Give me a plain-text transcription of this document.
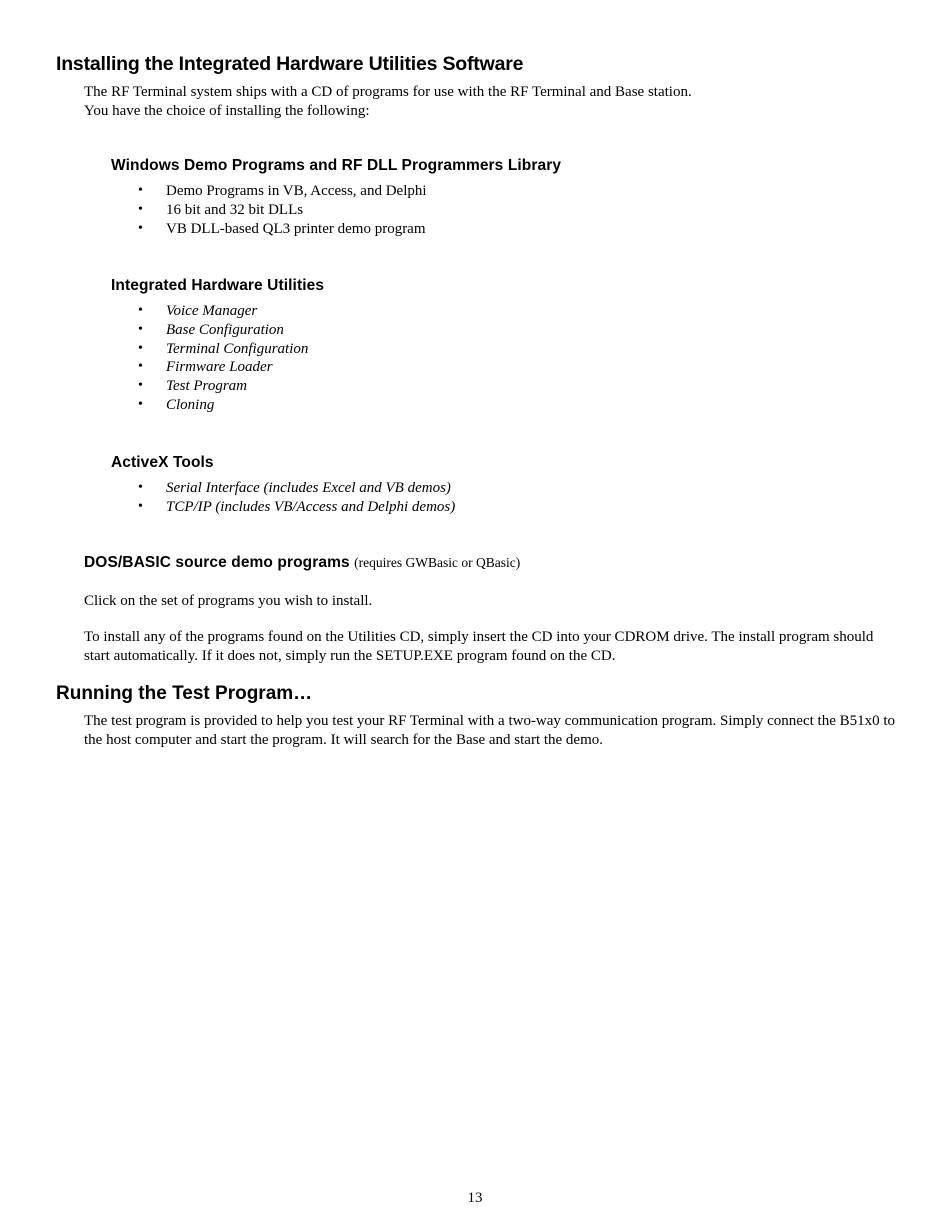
Installing the Integrated Hardware Utilities Software
The RF Terminal system ships with a CD of programs for use with the RF Terminal and Base station.
You have the choice of installing the following:
Windows Demo Programs and RF DLL Programmers Library
• Demo Programs in VB, Access, and Delphi
• 16 bit and 32 bit DLLs
• VB DLL-based QL3 printer demo program
Integrated Hardware Utilities
• Voice Manager
• Base Configuration
• Terminal Configuration
• Firmware Loader
• Test Program
• Cloning
ActiveX Tools
• Serial Interface (includes Excel and VB demos)
• TCP/IP (includes VB/Access and Delphi demos)
DOS/BASIC source demo programs (requires GWBasic or QBasic)
Click on the set of programs you wish to install.
To install any of the programs found on the Utilities CD, simply insert the CD into your CDROM drive. The install program should start automatically. If it does not, simply run the SETUP.EXE program found on the CD.
Running the Test Program…
The test program is provided to help you test your RF Terminal with a two-way communication program. Simply connect the B51x0 to the host computer and start the program. It will search for the Base and start the demo.
13
